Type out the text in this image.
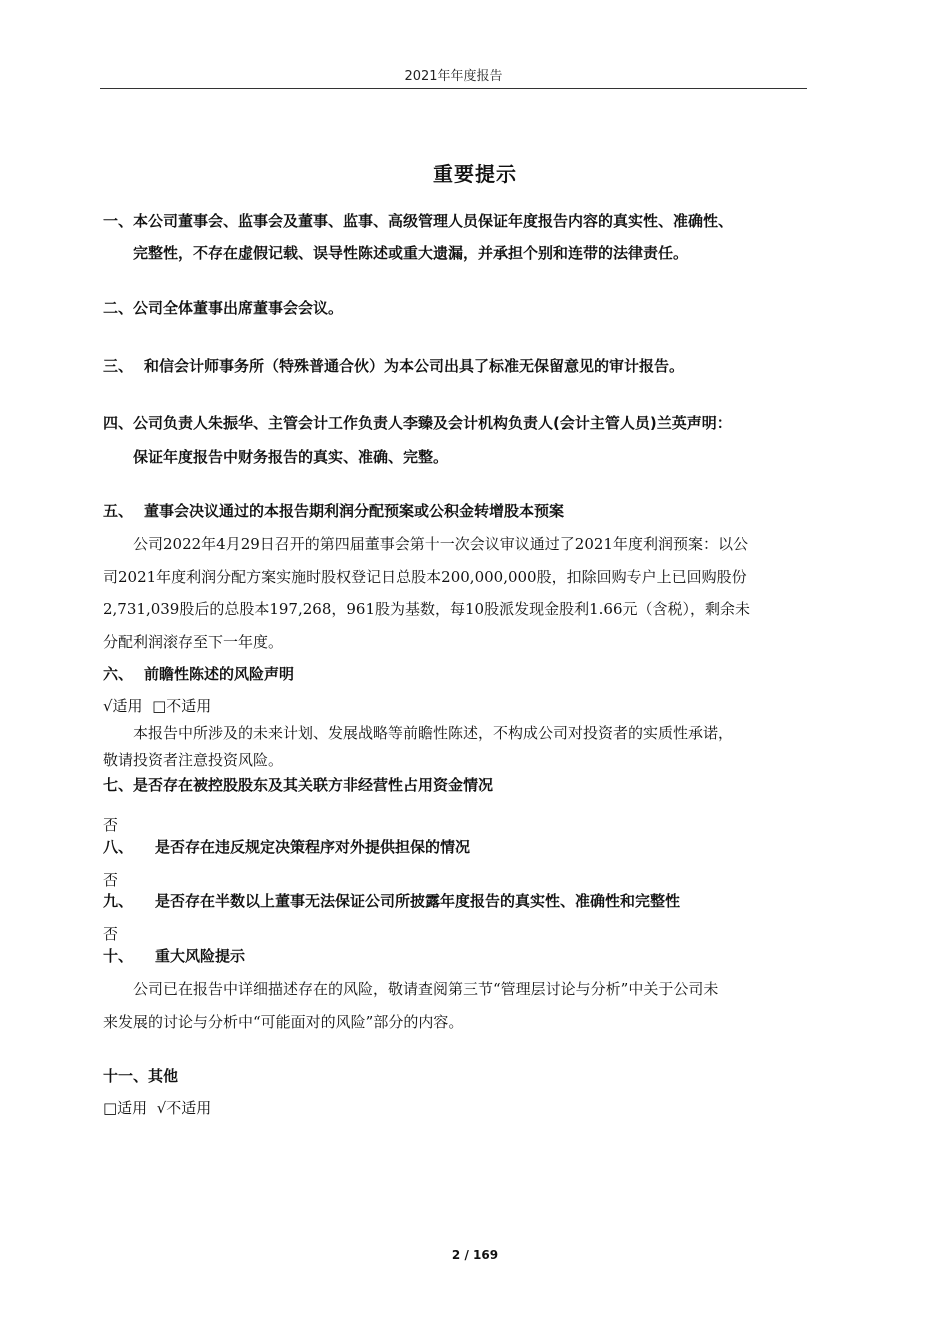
2021年年度报告
重要提示
一、本公司董事会、监事会及董事、监事、高级管理人员保证年度报告内容的真实性、准确性、
完整性，不存在虚假记载、误导性陈述或重大遗漏，并承担个别和连带的法律责任。
二、公司全体董事出席董事会会议。
三、 和信会计师事务所（特殊普通合伙）为本公司出具了标准无保留意见的审计报告。
四、公司负责人朱振华、主管会计工作负责人李臻及会计机构负责人(会计主管人员)兰英声明：
保证年度报告中财务报告的真实、准确、完整。
五、 董事会决议通过的本报告期利润分配预案或公积金转增股本预案
公司2022年4月29日召开的第四届董事会第十一次会议审议通过了2021年度利润预案：以公
司2021年度利润分配方案实施时股权登记日总股本200,000,000股，扣除回购专户上已回购股份
2,731,039股后的总股本197,268，961股为基数，每10股派发现金股利1.66元（含税），剩余未
分配利润滚存至下一年度。
六、 前瞻性陈述的风险声明
√适用  □不适用
本报告中所涉及的未来计划、发展战略等前瞻性陈述，不构成公司对投资者的实质性承诺，
敬请投资者注意投资风险。
七、是否存在被控股股东及其关联方非经营性占用资金情况
否
八、 是否存在违反规定决策程序对外提供担保的情况
否
九、 是否存在半数以上董事无法保证公司所披露年度报告的真实性、准确性和完整性
否
十、 重大风险提示
公司已在报告中详细描述存在的风险，敬请查阅第三节“管理层讨论与分析”中关于公司未
来发展的讨论与分析中“可能面对的风险”部分的内容。
十一、其他
□适用  √不适用
2 / 169
